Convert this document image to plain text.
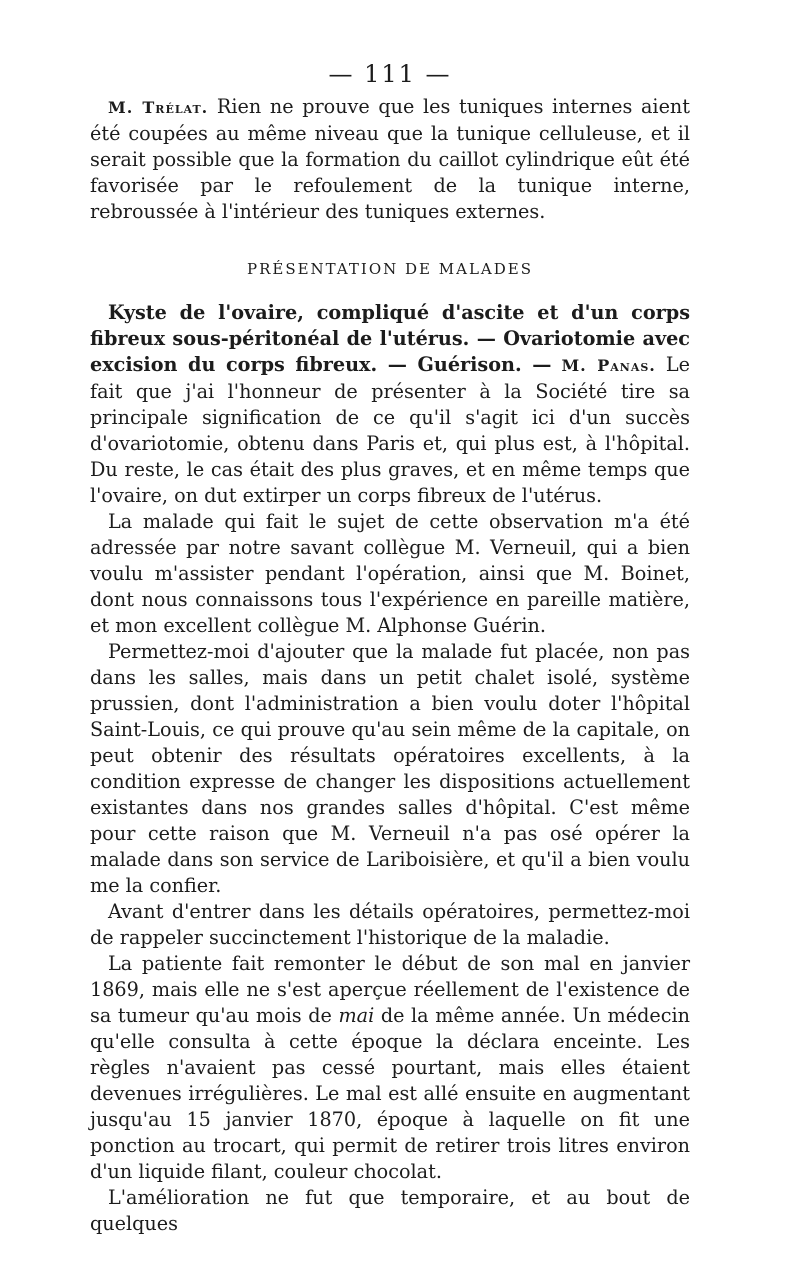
— 111 —

M. Trélat. Rien ne prouve que les tuniques internes aient été coupées au même niveau que la tunique celluleuse, et il serait possible que la formation du caillot cylindrique eût été favorisée par le refoulement de la tunique interne, rebroussée à l'intérieur des tuniques externes.

PRÉSENTATION DE MALADES

Kyste de l'ovaire, compliqué d'ascite et d'un corps fibreux sous-péritonéal de l'utérus. — Ovariotomie avec excision du corps fibreux. — Guérison. — M. Panas. Le fait que j'ai l'honneur de présenter à la Société tire sa principale signification de ce qu'il s'agit ici d'un succès d'ovariotomie, obtenu dans Paris et, qui plus est, à l'hôpital. Du reste, le cas était des plus graves, et en même temps que l'ovaire, on dut extirper un corps fibreux de l'utérus.

La malade qui fait le sujet de cette observation m'a été adressée par notre savant collègue M. Verneuil, qui a bien voulu m'assister pendant l'opération, ainsi que M. Boinet, dont nous connaissons tous l'expérience en pareille matière, et mon excellent collègue M. Alphonse Guérin.

Permettez-moi d'ajouter que la malade fut placée, non pas dans les salles, mais dans un petit chalet isolé, système prussien, dont l'administration a bien voulu doter l'hôpital Saint-Louis, ce qui prouve qu'au sein même de la capitale, on peut obtenir des résultats opératoires excellents, à la condition expresse de changer les dispositions actuellement existantes dans nos grandes salles d'hôpital. C'est même pour cette raison que M. Verneuil n'a pas osé opérer la malade dans son service de Lariboisière, et qu'il a bien voulu me la confier.

Avant d'entrer dans les détails opératoires, permettez-moi de rappeler succinctement l'historique de la maladie.

La patiente fait remonter le début de son mal en janvier 1869, mais elle ne s'est aperçue réellement de l'existence de sa tumeur qu'au mois de mai de la même année. Un médecin qu'elle consulta à cette époque la déclara enceinte. Les règles n'avaient pas cessé pourtant, mais elles étaient devenues irrégulières. Le mal est allé ensuite en augmentant jusqu'au 15 janvier 1870, époque à laquelle on fit une ponction au trocart, qui permit de retirer trois litres environ d'un liquide filant, couleur chocolat.

L'amélioration ne fut que temporaire, et au bout de quelques
